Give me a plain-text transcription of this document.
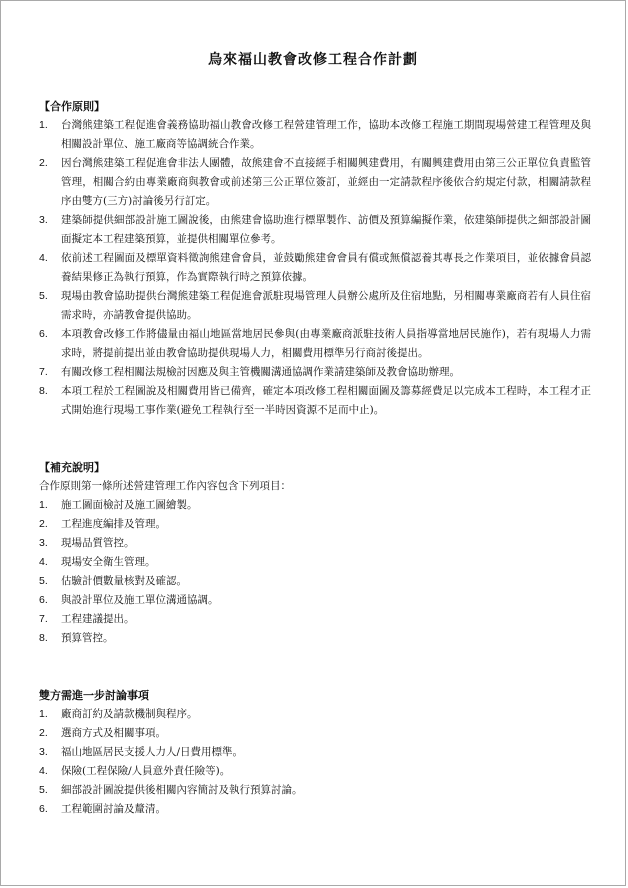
烏來福山教會改修工程合作計劃
【合作原則】
1. 台灣熊建築工程促進會義務協助福山教會改修工程營建管理工作，協助本改修工程施工期間現場營建工程管理及與相關設計單位、施工廠商等協調統合作業。
2. 因台灣熊建築工程促進會非法人團體，故熊建會不直接經手相關興建費用，有關興建費用由第三公正單位負責監管管理，相關合約由專業廠商與教會或前述第三公正單位簽訂，並經由一定請款程序後依合約規定付款，相關請款程序由雙方(三方)討論後另行訂定。
3. 建築師提供細部設計施工圖說後，由熊建會協助進行標單製作、訪價及預算編擬作業，依建築師提供之細部設計圖面擬定本工程建築預算，並提供相關單位參考。
4. 依前述工程圖面及標單資料徵詢熊建會會員，並鼓勵熊建會會員有償或無償認養其專長之作業項目，並依據會員認養結果修正為執行預算，作為實際執行時之預算依據。
5. 現場由教會協助提供台灣熊建築工程促進會派駐現場管理人員辦公處所及住宿地點，另相關專業廠商若有人員住宿需求時，亦請教會提供協助。
6. 本項教會改修工作將儘量由福山地區當地居民參與(由專業廠商派駐技術人員指導當地居民施作)，若有現場人力需求時，將提前提出並由教會協助提供現場人力，相關費用標準另行商討後提出。
7. 有關改修工程相關法規檢討因應及與主管機關溝通協調作業請建築師及教會協助辦理。
8. 本項工程於工程圖說及相關費用皆已備齊，確定本項改修工程相關面圖及籌募經費足以完成本工程時，本工程才正式開始進行現場工事作業(避免工程執行至一半時因資源不足而中止)。
【補充說明】
合作原則第一條所述營建管理工作內容包含下列項目：
1. 施工圖面檢討及施工圖繪製。
2. 工程進度編排及管理。
3. 現場品質管控。
4. 現場安全衛生管理。
5. 估驗計價數量核對及確認。
6. 與設計單位及施工單位溝通協調。
7. 工程建議提出。
8. 預算管控。
雙方需進一步討論事項
1. 廠商訂約及請款機制與程序。
2. 選商方式及相關事項。
3. 福山地區居民支援人力人/日費用標準。
4. 保險(工程保險/人員意外責任險等)。
5. 細部設計圖說提供後相關內容簡討及執行預算討論。
6. 工程範圍討論及釐清。
